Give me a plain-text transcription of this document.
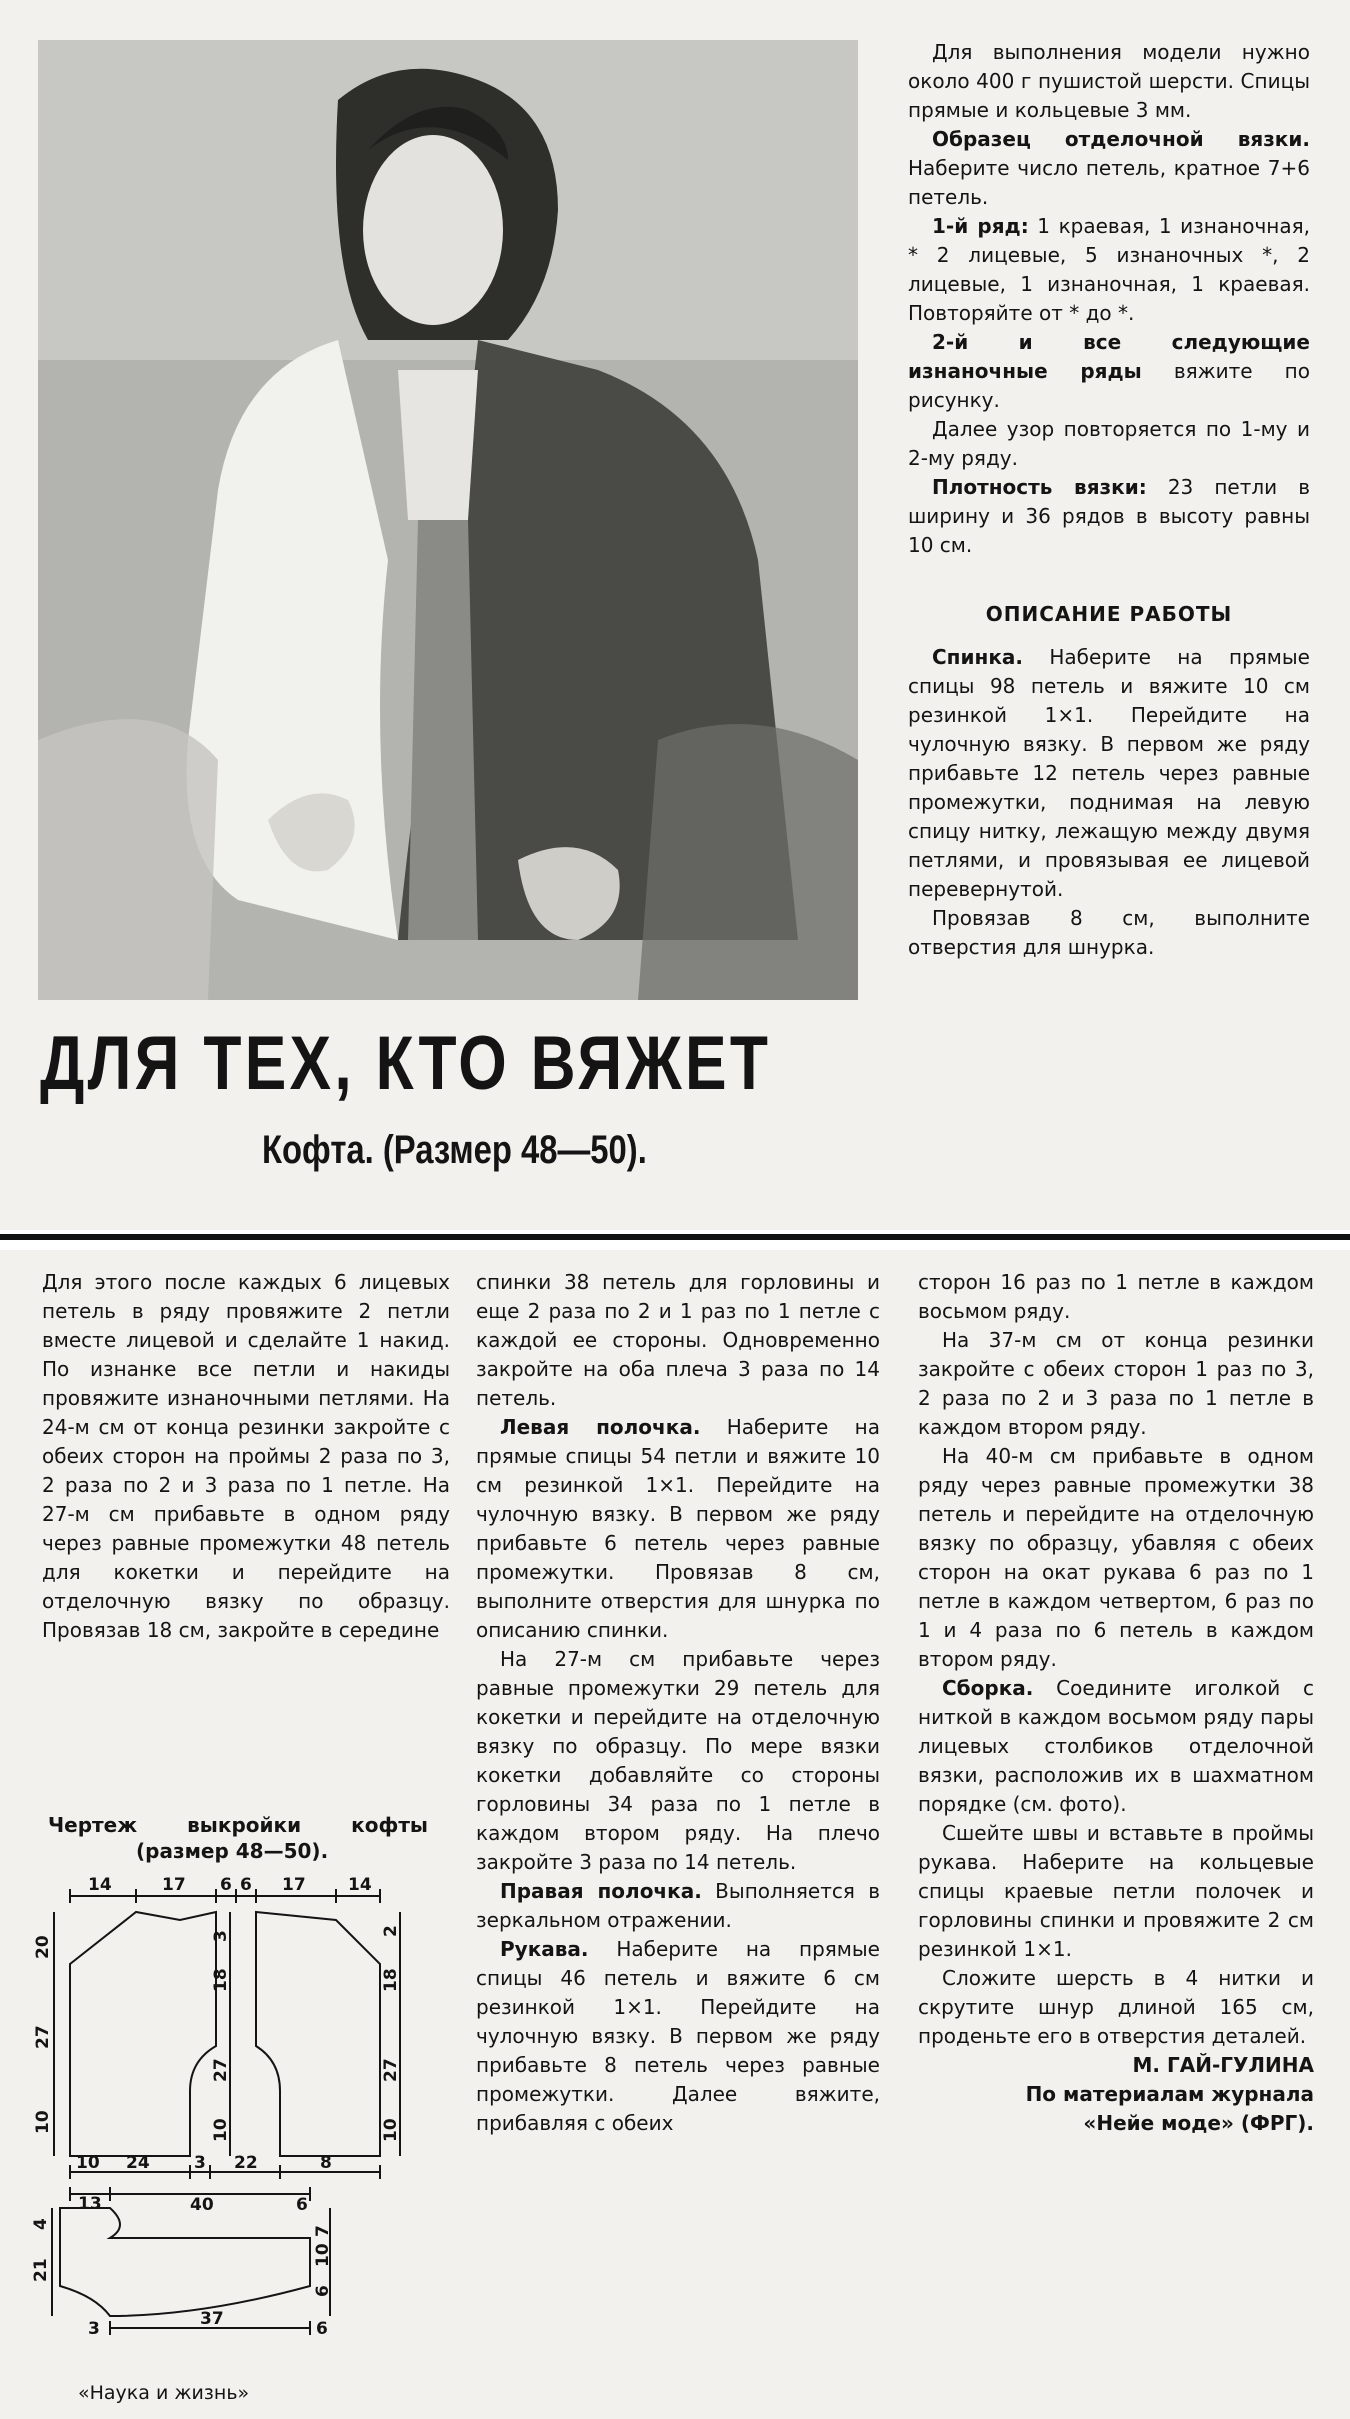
ДЛЯ ТЕХ, КТО ВЯЖЕТ
Кофта. (Размер 48—50).

Для выполнения модели нужно около 400 г пушистой шерсти. Спицы прямые и кольцевые 3 мм.

Образец отделочной вязки. Наберите число петель, кратное 7+6 петель.

1-й ряд: 1 краевая, 1 изнаночная, * 2 лицевые, 5 изнаночных *, 2 лицевые, 1 изнаночная, 1 краевая. Повторяйте от * до *.

2-й и все следующие изнаночные ряды вяжите по рисунку.

Далее узор повторяется по 1-му и 2-му ряду.

Плотность вязки: 23 петли в ширину и 36 рядов в высоту равны 10 см.

ОПИСАНИЕ РАБОТЫ

Спинка. Наберите на прямые спицы 98 петель и вяжите 10 см резинкой 1×1. Перейдите на чулочную вязку. В первом же ряду прибавьте 12 петель через равные промежутки, поднимая на левую спицу нитку, лежащую между двумя петлями, и провязывая ее лицевой перевернутой.

Провязав 8 см, выполните отверстия для шнурка.

Для этого после каждых 6 лицевых петель в ряду провяжите 2 петли вместе лицевой и сделайте 1 накид. По изнанке все петли и накиды провяжите изнаночными петлями. На 24-м см от конца резинки закройте с обеих сторон на проймы 2 раза по 3, 2 раза по 2 и 3 раза по 1 петле. На 27-м см прибавьте в одном ряду через равные промежутки 48 петель для кокетки и перейдите на отделочную вязку по образцу. Провязав 18 см, закройте в середине

Чертеж выкройки кофты
(размер 48—50).
14	17 6 6 17 14
20
27
10
3
18
27
10
2
18
27
10
10 24	3 22	8
13	40	6
4
21
7
10
6
3	37	6
«Наука и жизнь»

спинки 38 петель для горловины и еще 2 раза по 2 и 1 раз по 1 петле с каждой ее стороны. Одновременно закройте на оба плеча 3 раза по 14 петель.

Левая полочка. Наберите на прямые спицы 54 петли и вяжите 10 см резинкой 1×1. Перейдите на чулочную вязку. В первом же ряду прибавьте 6 петель через равные промежутки. Провязав 8 см, выполните отверстия для шнурка по описанию спинки.

На 27-м см прибавьте через равные промежутки 29 петель для кокетки и перейдите на отделочную вязку по образцу. По мере вязки кокетки добавляйте со стороны горловины 34 раза по 1 петле в каждом втором ряду. На плечо закройте 3 раза по 14 петель.

Правая полочка. Выполняется в зеркальном отражении.

Рукава. Наберите на прямые спицы 46 петель и вяжите 6 см резинкой 1×1. Перейдите на чулочную вязку. В первом же ряду прибавьте 8 петель через равные промежутки. Далее вяжите, прибавляя с обеих

сторон 16 раз по 1 петле в каждом восьмом ряду.

На 37-м см от конца резинки закройте с обеих сторон 1 раз по 3, 2 раза по 2 и 3 раза по 1 петле в каждом втором ряду.

На 40-м см прибавьте в одном ряду через равные промежутки 38 петель и перейдите на отделочную вязку по образцу, убавляя с обеих сторон на окат рукава 6 раз по 1 петле в каждом четвертом, 6 раз по 1 и 4 раза по 6 петель в каждом втором ряду.

Сборка. Соедините иголкой с ниткой в каждом восьмом ряду пары лицевых столбиков отделочной вязки, расположив их в шахматном порядке (см. фото).

Сшейте швы и вставьте в проймы рукава. Наберите на кольцевые спицы краевые петли полочек и горловины спинки и провяжите 2 см резинкой 1×1.

Сложите шерсть в 4 нитки и скрутите шнур длиной 165 см, проденьте его в отверстия деталей.

М. ГАЙ-ГУЛИНА

По материалам журнала

«Нейе моде» (ФРГ).
